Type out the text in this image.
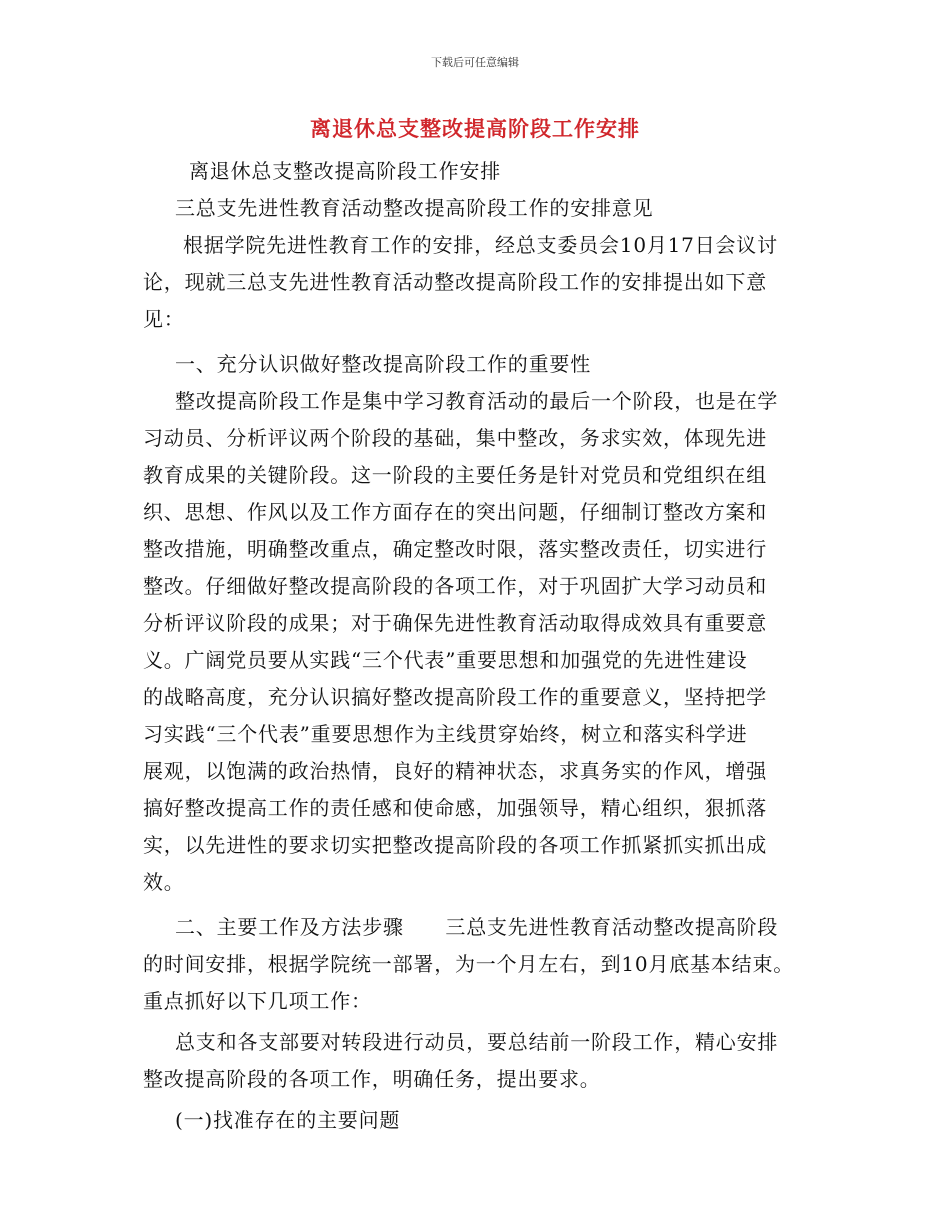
下载后可任意编辑
离退休总支整改提高阶段工作安排

离退休总支整改提高阶段工作安排

三总支先进性教育活动整改提高阶段工作的安排意见

根据学院先进性教育工作的安排，经总支委员会10月17日会议讨

论，现就三总支先进性教育活动整改提高阶段工作的安排提出如下意

见：

一、充分认识做好整改提高阶段工作的重要性

整改提高阶段工作是集中学习教育活动的最后一个阶段，也是在学

习动员、分析评议两个阶段的基础，集中整改，务求实效，体现先进

教育成果的关键阶段。这一阶段的主要任务是针对党员和党组织在组

织、思想、作风以及工作方面存在的突出问题，仔细制订整改方案和

整改措施，明确整改重点，确定整改时限，落实整改责任，切实进行

整改。仔细做好整改提高阶段的各项工作，对于巩固扩大学习动员和

分析评议阶段的成果；对于确保先进性教育活动取得成效具有重要意

义。广阔党员要从实践“三个代表”重要思想和加强党的先进性建设

的战略高度，充分认识搞好整改提高阶段工作的重要意义，坚持把学

习实践“三个代表”重要思想作为主线贯穿始终，树立和落实科学进

展观，以饱满的政治热情，良好的精神状态，求真务实的作风，增强

搞好整改提高工作的责任感和使命感，加强领导，精心组织，狠抓落

实，以先进性的要求切实把整改提高阶段的各项工作抓紧抓实抓出成

效。

二、主要工作及方法步骤　　三总支先进性教育活动整改提高阶段

的时间安排，根据学院统一部署，为一个月左右，到10月底基本结束。

重点抓好以下几项工作：

总支和各支部要对转段进行动员，要总结前一阶段工作，精心安排

整改提高阶段的各项工作，明确任务，提出要求。

(一)找准存在的主要问题
